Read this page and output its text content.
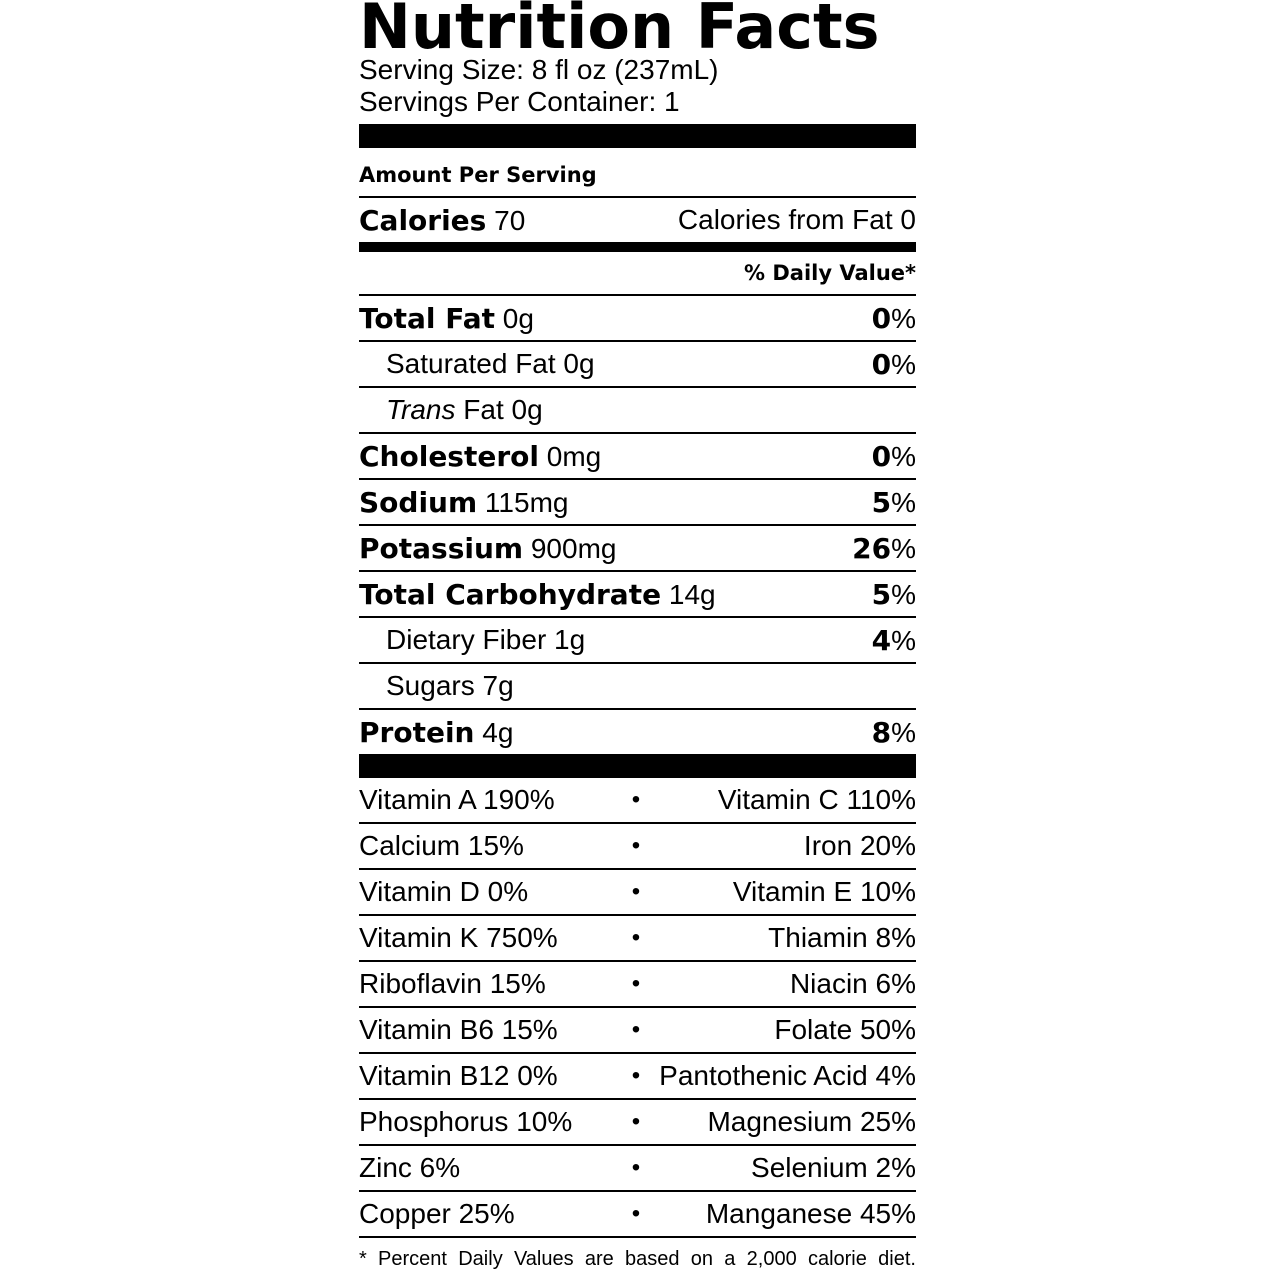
Nutrition Facts
Serving Size: 8 fl oz (237mL)
Servings Per Container: 1
Amount Per Serving
Calories 70	Calories from Fat 0
% Daily Value*
Total Fat 0g	0%
Saturated Fat 0g	0%
Trans Fat 0g
Cholesterol 0mg	0%
Sodium 115mg	5%
Potassium 900mg	26%
Total Carbohydrate 14g	5%
Dietary Fiber 1g	4%
Sugars 7g
Protein 4g	8%
Vitamin A 190%	•	Vitamin C 110%
Calcium 15%	•	Iron 20%
Vitamin D 0%	•	Vitamin E 10%
Vitamin K 750%	•	Thiamin 8%
Riboflavin 15%	•	Niacin 6%
Vitamin B6 15%	•	Folate 50%
Vitamin B12 0%	• Pantothenic Acid 4%
Phosphorus 10%	•	Magnesium 25%
Zinc 6%	•	Selenium 2%
Copper 25%	•	Manganese 45%
* Percent Daily Values are based on a 2,000 calorie diet.
